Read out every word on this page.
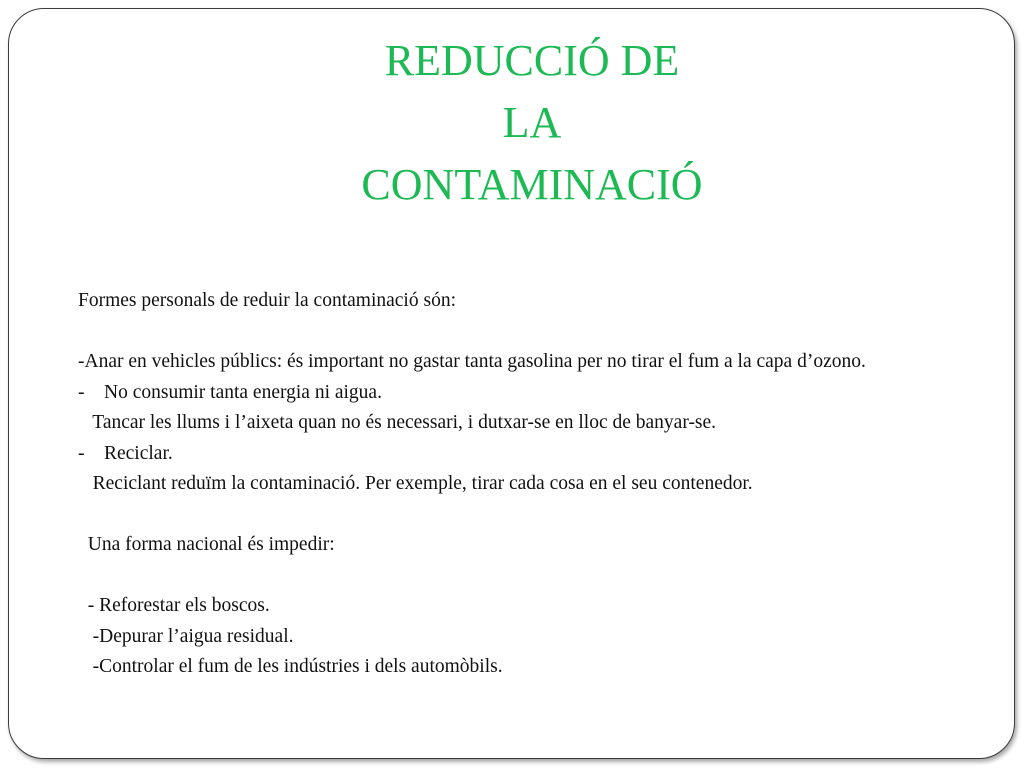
REDUCCIÓ DE
LA
CONTAMINACIÓ
Formes personals de reduir la contaminació són:
-Anar en vehicles públics: és important no gastar tanta gasolina per no tirar el fum a la capa d’ozono.
-    No consumir tanta energia ni aigua.
Tancar les llums i l’aixeta quan no és necessari, i dutxar-se en lloc de banyar-se.
-    Reciclar.
Reciclant reduïm la contaminació. Per exemple, tirar cada cosa en el seu contenedor.
Una forma nacional és impedir:
- Reforestar els boscos.
-Depurar l’aigua residual.
-Controlar el fum de les indústries i dels automòbils.
